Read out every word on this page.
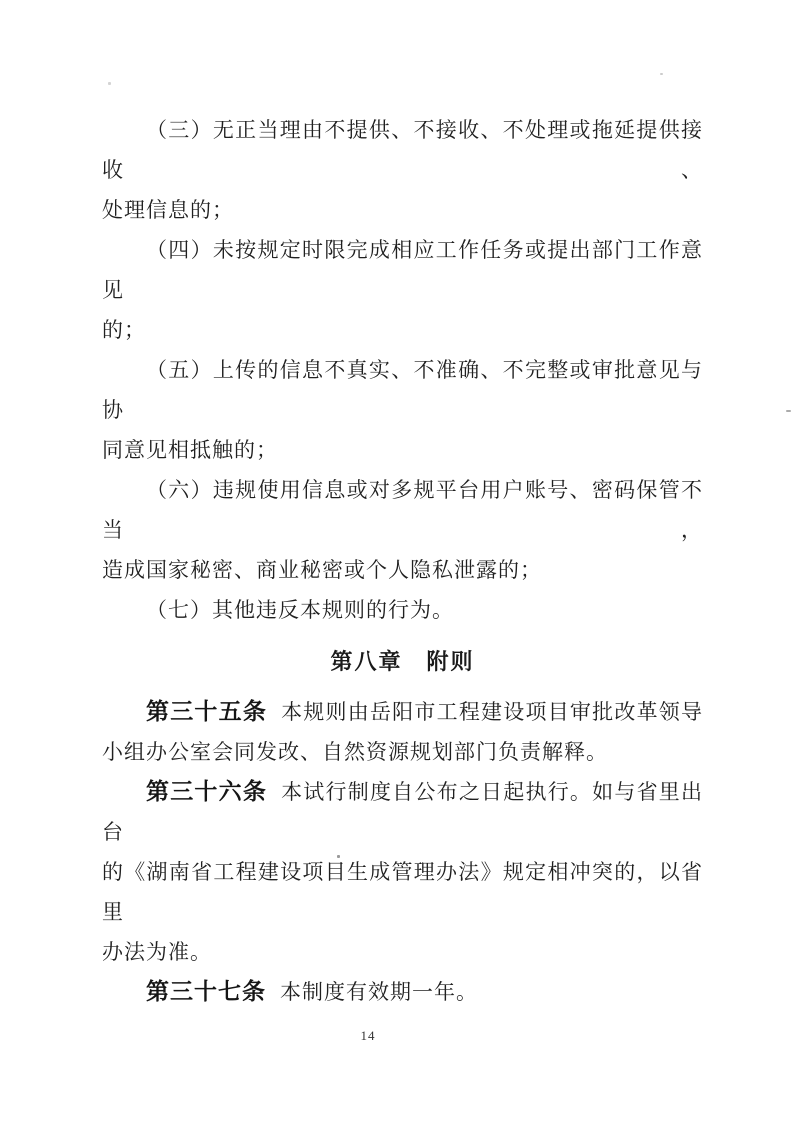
（三）无正当理由不提供、不接收、不处理或拖延提供接收、
处理信息的；
（四）未按规定时限完成相应工作任务或提出部门工作意见
的；
（五）上传的信息不真实、不准确、不完整或审批意见与协
同意见相抵触的；
（六）违规使用信息或对多规平台用户账号、密码保管不当，
造成国家秘密、商业秘密或个人隐私泄露的；
（七）其他违反本规则的行为。
第八章　附则
第三十五条 本规则由岳阳市工程建设项目审批改革领导
小组办公室会同发改、自然资源规划部门负责解释。
第三十六条 本试行制度自公布之日起执行。如与省里出台
的《湖南省工程建设项目生成管理办法》规定相冲突的，以省里
办法为准。
第三十七条 本制度有效期一年。
14
